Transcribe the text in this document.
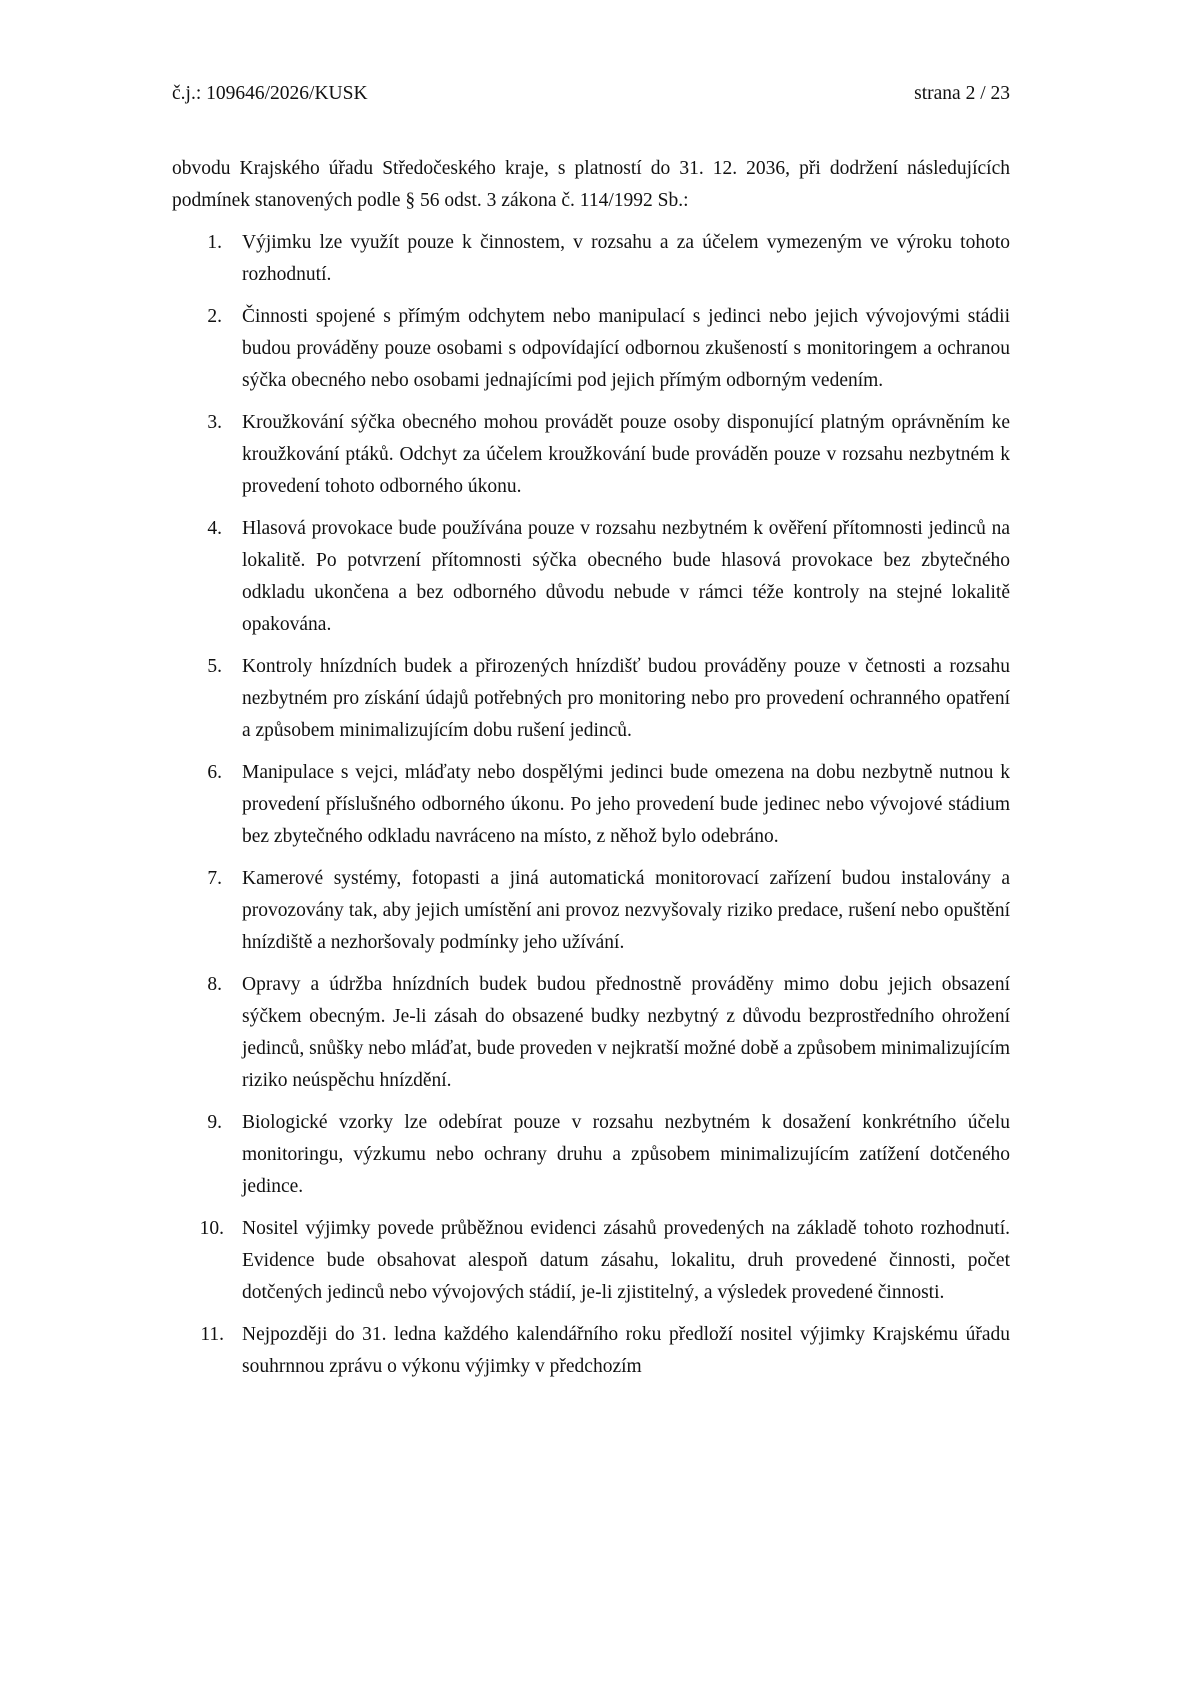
č.j.: 109646/2026/KUSK	strana 2 / 23

obvodu Krajského úřadu Středočeského kraje, s platností do 31. 12. 2036, při dodržení následujících podmínek stanovených podle § 56 odst. 3 zákona č. 114/1992 Sb.:

1. Výjimku lze využít pouze k činnostem, v rozsahu a za účelem vymezeným ve výroku tohoto rozhodnutí.
2. Činnosti spojené s přímým odchytem nebo manipulací s jedinci nebo jejich vývojovými stádii budou prováděny pouze osobami s odpovídající odbornou zkušeností s monitoringem a ochranou sýčka obecného nebo osobami jednajícími pod jejich přímým odborným vedením.
3. Kroužkování sýčka obecného mohou provádět pouze osoby disponující platným oprávněním ke kroužkování ptáků. Odchyt za účelem kroužkování bude prováděn pouze v rozsahu nezbytném k provedení tohoto odborného úkonu.
4. Hlasová provokace bude používána pouze v rozsahu nezbytném k ověření přítomnosti jedinců na lokalitě. Po potvrzení přítomnosti sýčka obecného bude hlasová provokace bez zbytečného odkladu ukončena a bez odborného důvodu nebude v rámci téže kontroly na stejné lokalitě opakována.
5. Kontroly hnízdních budek a přirozených hnízdišť budou prováděny pouze v četnosti a rozsahu nezbytném pro získání údajů potřebných pro monitoring nebo pro provedení ochranného opatření a způsobem minimalizujícím dobu rušení jedinců.
6. Manipulace s vejci, mláďaty nebo dospělými jedinci bude omezena na dobu nezbytně nutnou k provedení příslušného odborného úkonu. Po jeho provedení bude jedinec nebo vývojové stádium bez zbytečného odkladu navráceno na místo, z něhož bylo odebráno.
7. Kamerové systémy, fotopasti a jiná automatická monitorovací zařízení budou instalovány a provozovány tak, aby jejich umístění ani provoz nezvyšovaly riziko predace, rušení nebo opuštění hnízdiště a nezhoršovaly podmínky jeho užívání.
8. Opravy a údržba hnízdních budek budou přednostně prováděny mimo dobu jejich obsazení sýčkem obecným. Je-li zásah do obsazené budky nezbytný z důvodu bezprostředního ohrožení jedinců, snůšky nebo mláďat, bude proveden v nejkratší možné době a způsobem minimalizujícím riziko neúspěchu hnízdění.
9. Biologické vzorky lze odebírat pouze v rozsahu nezbytném k dosažení konkrétního účelu monitoringu, výzkumu nebo ochrany druhu a způsobem minimalizujícím zatížení dotčeného jedince.
10. Nositel výjimky povede průběžnou evidenci zásahů provedených na základě tohoto rozhodnutí. Evidence bude obsahovat alespoň datum zásahu, lokalitu, druh provedené činnosti, počet dotčených jedinců nebo vývojových stádií, je-li zjistitelný, a výsledek provedené činnosti.
11. Nejpozději do 31. ledna každého kalendářního roku předloží nositel výjimky Krajskému úřadu souhrnnou zprávu o výkonu výjimky v předchozím
